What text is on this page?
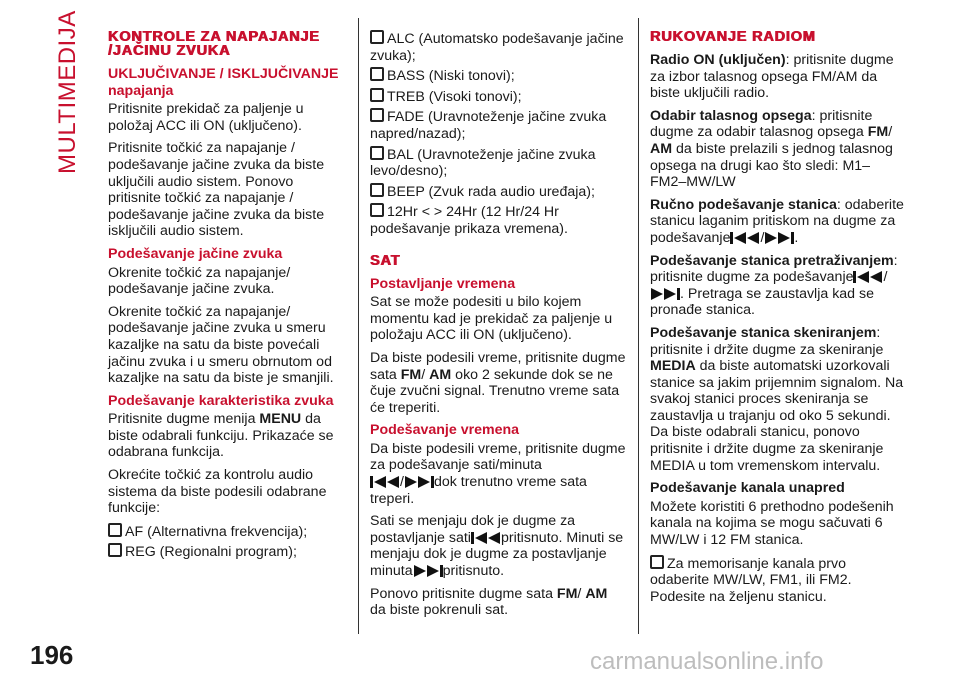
MULTIMEDIJA KONTROLE ZA NAPAJANJE /JAČINU ZVUKA
UKLJUČIVANJE / ISKLJUČIVANJE napajanja

Pritisnite prekidač za paljenje u položaj ACC ili ON (uključeno).

Pritisnite točkić za napajanje / podešavanje jačine zvuka da biste uključili audio sistem. Ponovo pritisnite točkić za napajanje / podešavanje jačine zvuka da biste isključili audio sistem.

Podešavanje jačine zvuka

Okrenite točkić za napajanje/ podešavanje jačine zvuka.

Okrenite točkić za napajanje/ podešavanje jačine zvuka u smeru kazaljke na satu da biste povećali jačinu zvuka i u smeru obrnutom od kazaljke na satu da biste je smanjili.

Podešavanje karakteristika zvuka

Pritisnite dugme menija MENU da biste odabrali funkciju. Prikazaće se odabrana funkcija.

Okrećite točkić za kontrolu audio sistema da biste podesili odabrane funkcije:

AF (Alternativna frekvencija);
REG (Regionalni program);
ALC (Automatsko podešavanje jačine zvuka);
BASS (Niski tonovi);
TREB (Visoki tonovi);
FADE (Uravnoteženje jačine zvuka napred/nazad);
BAL (Uravnoteženje jačine zvuka levo/desno);
BEEP (Zvuk rada audio uređaja);
12Hr < > 24Hr (12 Hr/24 Hr podešavanje prikaza vremena).
SAT
Postavljanje vremena

Sat se može podesiti u bilo kojem momentu kad je prekidač za paljenje u položaju ACC ili ON (uključeno).

Da biste podesili vreme, pritisnite dugme sata FM/ AM oko 2 sekunde dok se ne čuje zvučni signal. Trenutno vreme sata će treperiti.

Podešavanje vremena

Da biste podesili vreme, pritisnite dugme za podešavanje sati/minuta
/ dok trenutno vreme sata treperi.

Sati se menjaju dok je dugme za postavljanje sati pritisnuto. Minuti se menjaju dok je dugme za postavljanje minuta pritisnuto.

Ponovo pritisnite dugme sata FM/ AM
da biste pokrenuli sat.

RUKOVANJE RADIOM

Radio ON (uključen): pritisnite dugme za izbor talasnog opsega FM/AM da biste uključili radio.

Odabir talasnog opsega: pritisnite dugme za odabir talasnog opsega FM/ AM da biste prelazili s jednog talasnog opsega na drugi kao što sledi: M1–FM2–MW/LW

Ručno podešavanje stanica: odaberite stanicu laganim pritiskom na dugme za podešavanje / .

Podešavanje stanica pretraživanjem: pritisnite dugme za podešavanje /. Pretraga se zaustavlja kad se pronađe stanica.

Podešavanje stanica skeniranjem: pritisnite i držite dugme za skeniranje MEDIA da biste automatski uzorkovali stanice sa jakim prijemnim signalom. Na svakoj stanici proces skeniranja se zaustavlja u trajanju od oko 5 sekundi. Da biste odabrali stanicu, ponovo pritisnite i držite dugme za skeniranje MEDIA u tom vremenskom intervalu.

Podešavanje kanala unapred

Možete koristiti 6 prethodno podešenih kanala na kojima se mogu sačuvati 6 MW/LW i 12 FM stanica.

Za memorisanje kanala prvo odaberite MW/LW, FM1, ili FM2. Podesite na željenu stanicu.
196	carmanualsonline.info
